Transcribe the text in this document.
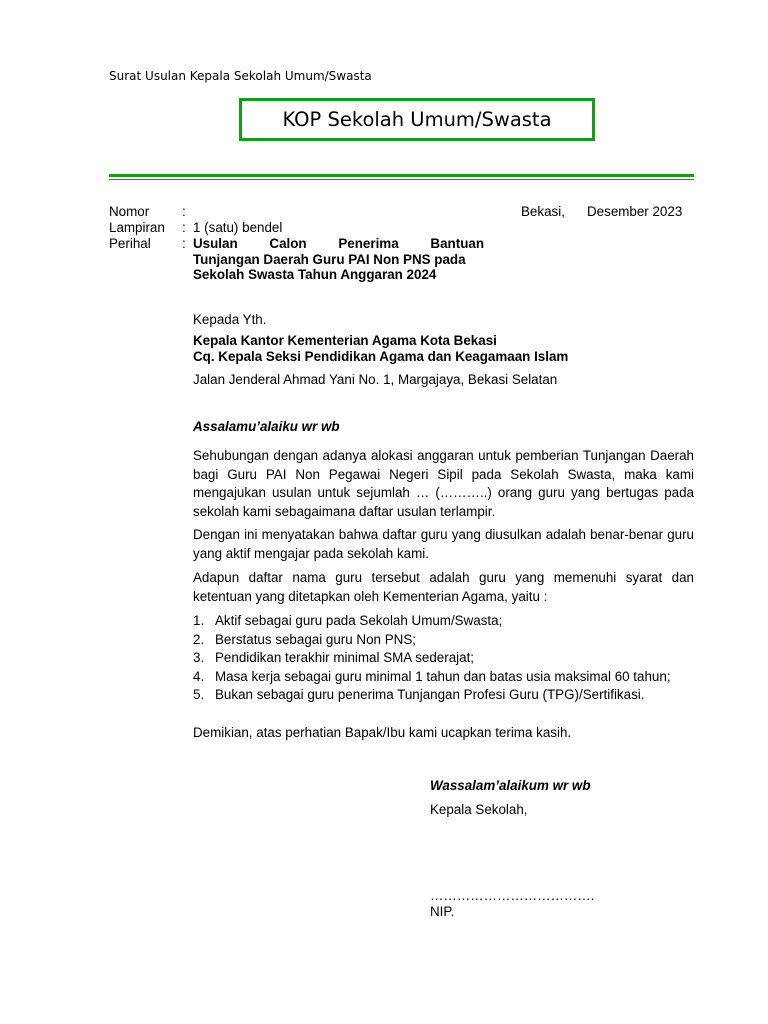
Surat Usulan Kepala Sekolah Umum/Swasta
KOP Sekolah Umum/Swasta
Nomor :
Lampiran : 1 (satu) bendel
Perihal : Usulan Calon Penerima Bantuan
Tunjangan Daerah Guru PAI Non PNS pada
Sekolah Swasta Tahun Anggaran 2024
Bekasi, Desember 2023
Kepada Yth.
Kepala Kantor Kementerian Agama Kota Bekasi
Cq. Kepala Seksi Pendidikan Agama dan Keagamaan Islam
Jalan Jenderal Ahmad Yani No. 1, Margajaya, Bekasi Selatan
Assalamu’alaiku wr wb
Sehubungan dengan adanya alokasi anggaran untuk pemberian Tunjangan Daerah bagi Guru PAI Non Pegawai Negeri Sipil pada Sekolah Swasta, maka kami mengajukan usulan untuk sejumlah … (………..) orang guru yang bertugas pada sekolah kami sebagaimana daftar usulan terlampir.
Dengan ini menyatakan bahwa daftar guru yang diusulkan adalah benar-benar guru yang aktif mengajar pada sekolah kami.
Adapun daftar nama guru tersebut adalah guru yang memenuhi syarat dan ketentuan yang ditetapkan oleh Kementerian Agama, yaitu :
1. Aktif sebagai guru pada Sekolah Umum/Swasta;
2. Berstatus sebagai guru Non PNS;
3. Pendidikan terakhir minimal SMA sederajat;
4. Masa kerja sebagai guru minimal 1 tahun dan batas usia maksimal 60 tahun;
5. Bukan sebagai guru penerima Tunjangan Profesi Guru (TPG)/Sertifikasi.
Demikian, atas perhatian Bapak/Ibu kami ucapkan terima kasih.
Wassalam’alaikum wr wb
Kepala Sekolah,
……………………………….
NIP.
